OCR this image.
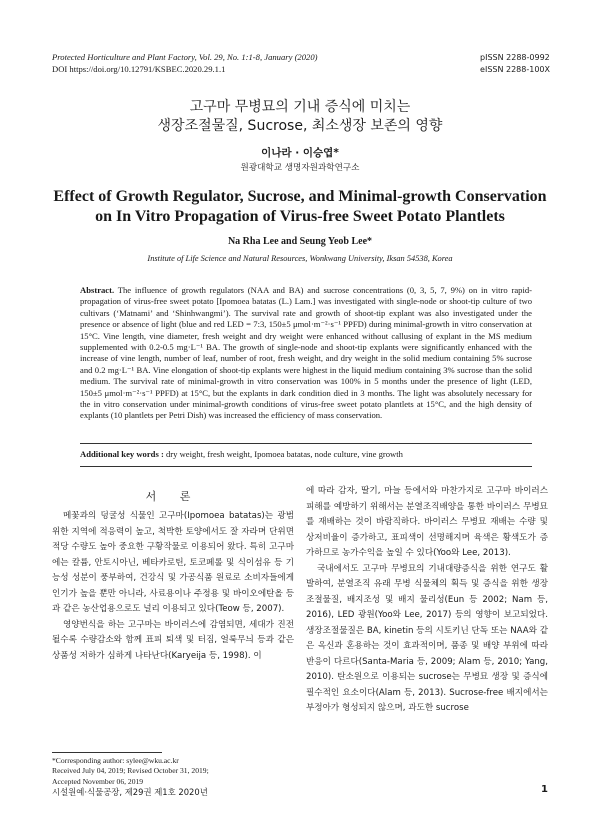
Protected Horticulture and Plant Factory, Vol. 29, No. 1:1-8, January (2020)
DOI https://doi.org/10.12791/KSBEC.2020.29.1.1
pISSN 2288-0992
eISSN 2288-100X
고구마 무병묘의 기내 증식에 미치는
생장조절물질, Sucrose, 최소생장 보존의 영향
이나라 · 이승엽*
원광대학교 생명자원과학연구소
Effect of Growth Regulator, Sucrose, and Minimal-growth Conservation
on In Vitro Propagation of Virus-free Sweet Potato Plantlets
Na Rha Lee and Seung Yeob Lee*
Institute of Life Science and Natural Resources, Wonkwang University, Iksan 54538, Korea
Abstract. The influence of growth regulators (NAA and BA) and sucrose concentrations (0, 3, 5, 7, 9%) on in vitro rapid-propagation of virus-free sweet potato [Ipomoea batatas (L.) Lam.] was investigated with single-node or shoot-tip culture of two cultivars (‘Matnami’ and ‘Shinhwangmi’). The survival rate and growth of shoot-tip explant was also investigated under the presence or absence of light (blue and red LED = 7:3, 150±5 μmol·m⁻²·s⁻¹ PPFD) during minimal-growth in vitro conservation at 15°C. Vine length, vine diameter, fresh weight and dry weight were enhanced without callusing of explant in the MS medium supplemented with 0.2-0.5 mg·L⁻¹ BA. The growth of single-node and shoot-tip explants were significantly enhanced with the increase of vine length, number of leaf, number of root, fresh weight, and dry weight in the solid medium containing 5% sucrose and 0.2 mg·L⁻¹ BA. Vine elongation of shoot-tip explants were highest in the liquid medium containing 3% sucrose than the solid medium. The survival rate of minimal-growth in vitro conservation was 100% in 5 months under the presence of light (LED, 150±5 μmol·m⁻²·s⁻¹ PPFD) at 15°C, but the explants in dark condition died in 3 months. The light was absolutely necessary for the in vitro conservation under minimal-growth conditions of virus-free sweet potato plantlets at 15°C, and the high density of explants (10 plantlets per Petri Dish) was increased the efficiency of mass conservation.
Additional key words : dry weight, fresh weight, Ipomoea batatas, node culture, vine growth
서 론

메꽃과의 덩굴성 식물인 고구마(Ipomoea batatas)는 광범위한 지역에 적응력이 높고, 척박한 토양에서도 잘 자라며 단위면적당 수량도 높아 중요한 구황작물로 이용되어 왔다. 특히 고구마에는 칼륨, 안토시아닌, 베타카로틴, 토코페롤 및 식이섬유 등 기능성 성분이 풍부하여, 건강식 및 가공식품 원료로 소비자들에게 인기가 높을 뿐만 아니라, 사료용이나 주정용 및 바이오에탄올 등과 같은 농산업용으로도 널리 이용되고 있다(Teow 등, 2007).

영양번식을 하는 고구마는 바이러스에 감염되면, 세대가 진전될수록 수량감소와 함께 표피 퇴색 및 터짐, 얼룩무늬 등과 같은 상품성 저하가 심하게 나타난다(Karyeija 등, 1998). 이

에 따라 감자, 딸기, 마늘 등에서와 마찬가지로 고구마 바이러스 피해를 예방하기 위해서는 분열조직배양을 통한 바이러스 무병묘를 재배하는 것이 바람직하다. 바이러스 무병묘 재배는 수량 및 상저비율이 증가하고, 표피색이 선명해지며 육색은 황색도가 증가하므로 농가수익을 높일 수 있다(Yoo와 Lee, 2013).

국내에서도 고구마 무병묘의 기내대량증식을 위한 연구도 활발하여, 분열조직 유래 무병 식물체의 획득 및 증식을 위한 생장조절물질, 배지조성 및 배지 물리성(Eun 등 2002; Nam 등, 2016), LED 광원(Yoo와 Lee, 2017) 등의 영향이 보고되었다. 생장조절물질은 BA, kinetin 등의 시토키닌 단독 또는 NAA와 같은 옥신과 혼용하는 것이 효과적이며, 품종 및 배양 부위에 따라 반응이 다르다(Santa-Maria 등, 2009; Alam 등, 2010; Yang, 2010). 탄소원으로 이용되는 sucrose는 무병묘 생장 및 증식에 필수적인 요소이다(Alam 등, 2013). Sucrose-free 배지에서는 부정아가 형성되지 않으며, 과도한 sucrose

*Corresponding author: sylee@wku.ac.kr
Received July 04, 2019; Revised October 31, 2019;
Accepted November 06, 2019
시설원예·식물공장, 제29권 제1호 2020년	1
